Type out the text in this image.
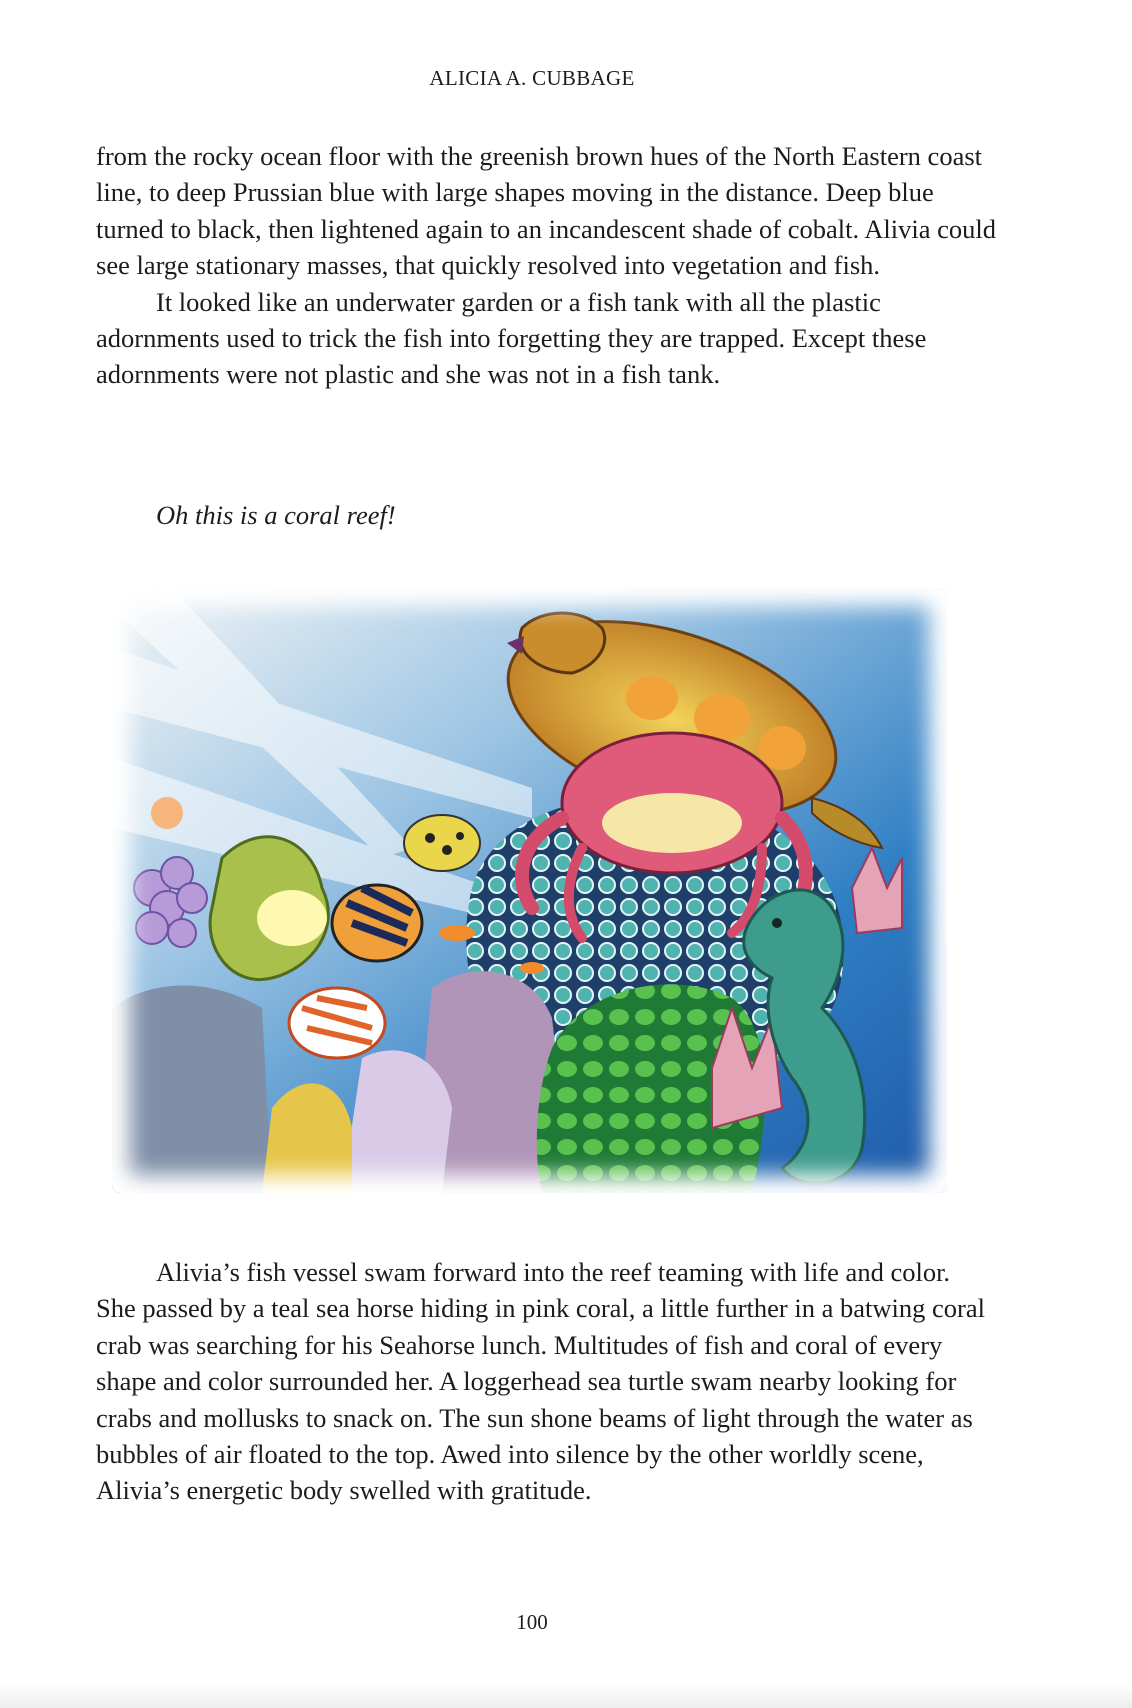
ALICIA A. CUBBAGE

from the rocky ocean floor with the greenish brown hues of the North Eastern coast line, to deep Prussian blue with large shapes moving in the distance. Deep blue turned to black, then lightened again to an incandescent shade of cobalt. Alivia could see large stationary masses, that quickly resolved into vegetation and fish.

It looked like an underwater garden or a fish tank with all the plastic adornments used to trick the fish into forgetting they are trapped. Except these adornments were not plastic and she was not in a fish tank.

Oh this is a coral reef!

Alivia’s fish vessel swam forward into the reef teaming with life and color. She passed by a teal sea horse hiding in pink coral, a little further in a batwing coral crab was searching for his Seahorse lunch. Multitudes of fish and coral of every shape and color surrounded her. A loggerhead sea turtle swam nearby looking for crabs and mollusks to snack on. The sun shone beams of light through the water as bubbles of air floated to the top. Awed into silence by the other worldly scene, Alivia’s energetic body swelled with gratitude.

100
